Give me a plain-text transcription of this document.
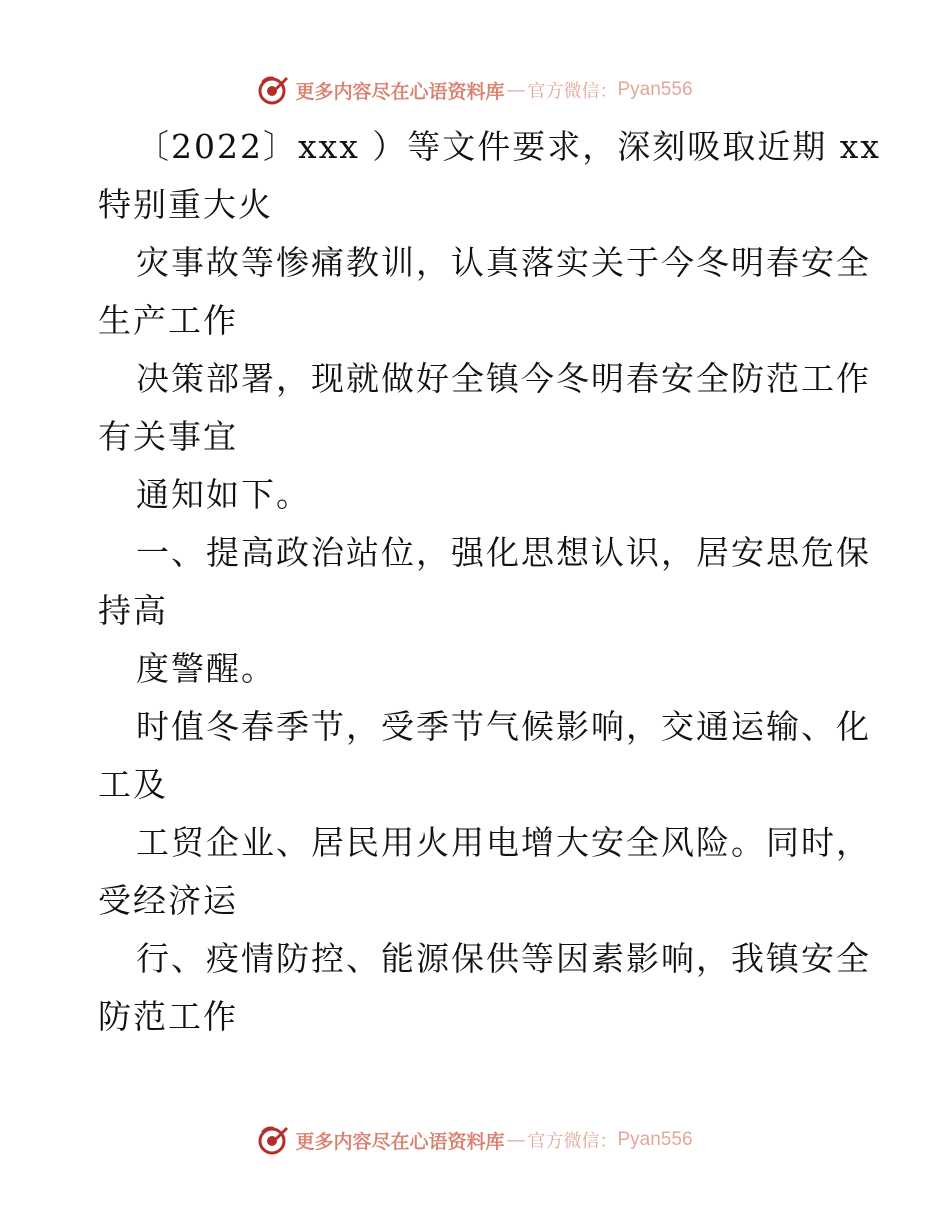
更多内容尽在心语资料库 — 官方微信： Pyan556
〔2022〕xxx ）等文件要求，深刻吸取近期 xx
特别重大火
灾事故等惨痛教训，认真落实关于今冬明春安全
生产工作
决策部署，现就做好全镇今冬明春安全防范工作
有关事宜
通知如下。
一、提高政治站位，强化思想认识，居安思危保
持高
度警醒。
时值冬春季节，受季节气候影响，交通运输、化
工及
工贸企业、居民用火用电增大安全风险。同时，
受经济运
行、疫情防控、能源保供等因素影响，我镇安全
防范工作
更多内容尽在心语资料库 — 官方微信： Pyan556
